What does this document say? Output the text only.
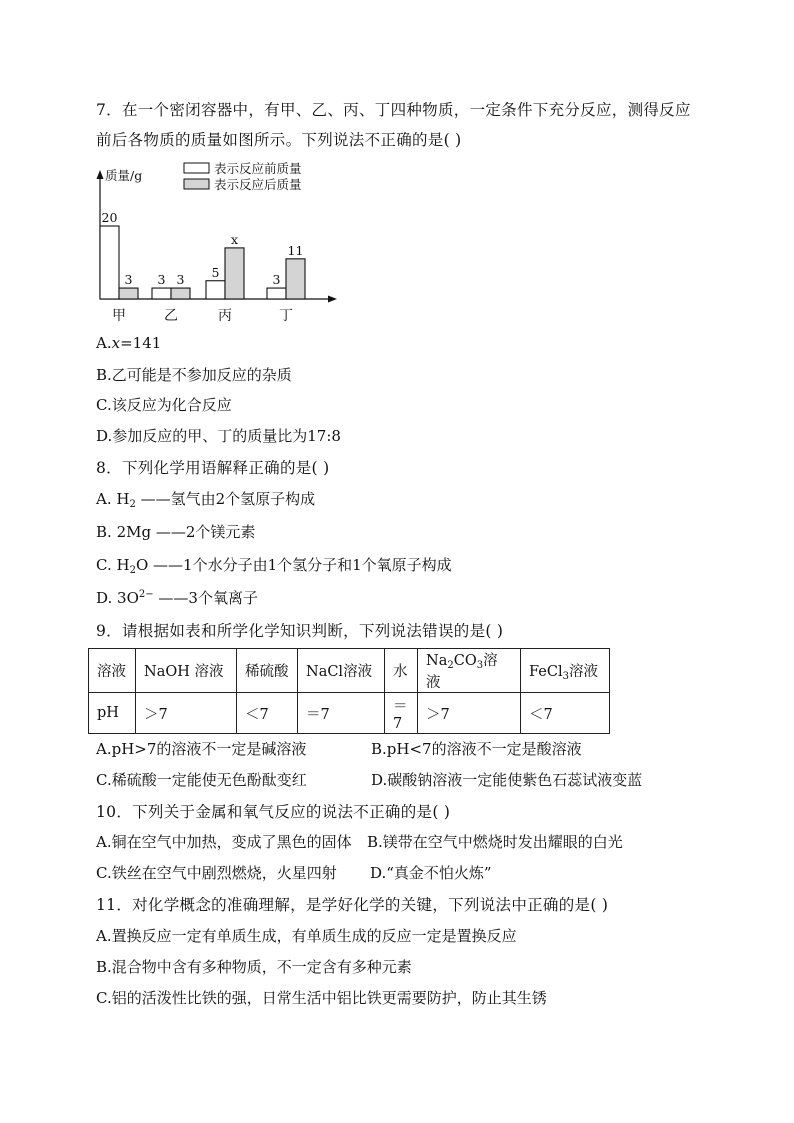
7．在一个密闭容器中，有甲、乙、丙、丁四种物质，一定条件下充分反应，测得反应
前后各物质的质量如图所示。下列说法不正确的是( )
质量/g	表示反应前质量
表示反应后质量
20
3
甲
3 3
乙
5
x
丙
3
11
丁
A.x=141
B.乙可能是不参加反应的杂质
C.该反应为化合反应
D.参加反应的甲、丁的质量比为17:8
8．下列化学用语解释正确的是( )
A. $H_2$ ——氢气由2个氢原子构成
B. 2Mg ——2个镁元素
C. $H_2O$ ——1个水分子由1个氢分子和1个氧原子构成
D. $3O^{2-}$ ——3个氧离子
9．请根据如表和所学化学知识判断，下列说法错误的是( )
溶液	NaOH 溶液	稀硫酸	NaCl溶液	水	$Na_2CO_3$溶液	FeCl$_3$溶液
pH	＞7	＜7	＝7	＝7	＞7	＜7
A.pH>7的溶液不一定是碱溶液	B.pH<7的溶液不一定是酸溶液
C.稀硫酸一定能使无色酚酞变红	D.碳酸钠溶液一定能使紫色石蕊试液变蓝
10．下列关于金属和氧气反应的说法不正确的是( )
A.铜在空气中加热，变成了黑色的固体 B.镁带在空气中燃烧时发出耀眼的白光
C.铁丝在空气中剧烈燃烧，火星四射 D.“真金不怕火炼”
11．对化学概念的准确理解，是学好化学的关键，下列说法中正确的是( )
A.置换反应一定有单质生成，有单质生成的反应一定是置换反应
B.混合物中含有多种物质，不一定含有多种元素
C.铝的活泼性比铁的强，日常生活中铝比铁更需要防护，防止其生锈
